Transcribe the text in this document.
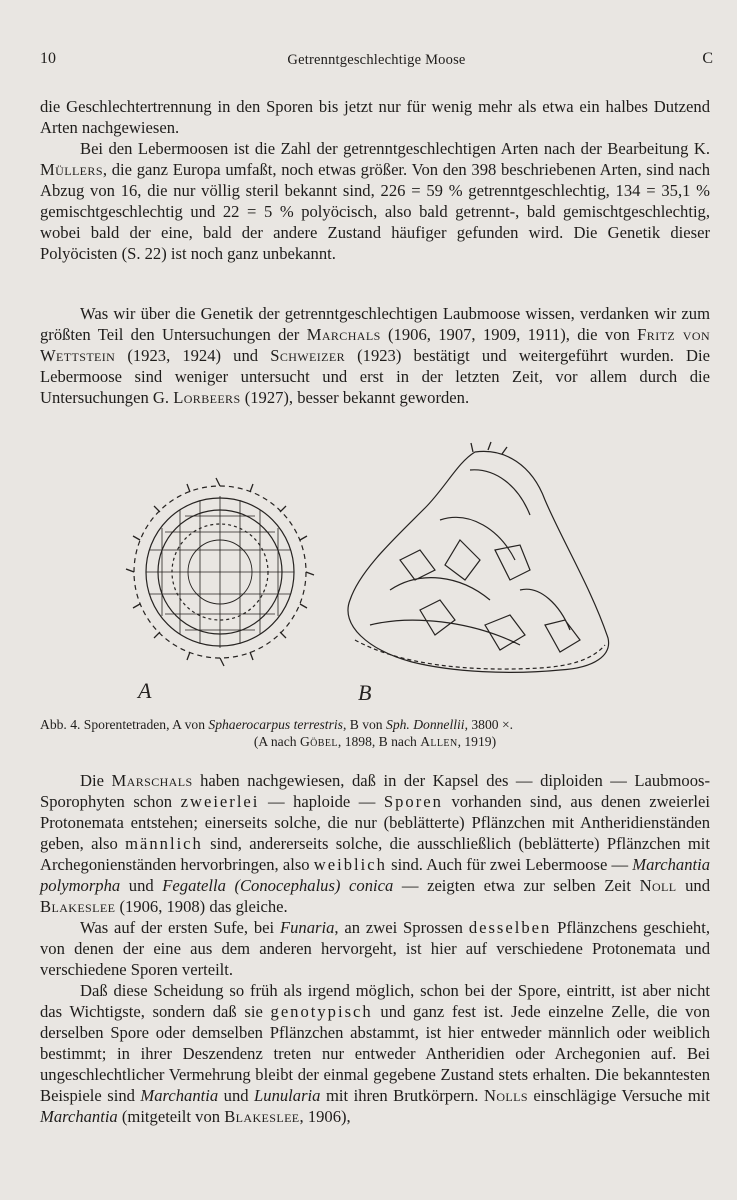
10	Getrenntgeschlechtige Moose	C

die Geschlechtertrennung in den Sporen bis jetzt nur für wenig mehr als etwa ein halbes Dutzend Arten nachgewiesen.

Bei den Lebermoosen ist die Zahl der getrenntgeschlechtigen Arten nach der Bearbeitung K. Müllers, die ganz Europa umfaßt, noch etwas größer. Von den 398 beschriebenen Arten, sind nach Abzug von 16, die nur völlig steril bekannt sind, 226 = 59 % getrenntgeschlechtig, 134 = 35,1 % gemischtgeschlechtig und 22 = 5 % polyöcisch, also bald getrennt-, bald gemischtgeschlechtig, wobei bald der eine, bald der andere Zustand häufiger gefunden wird. Die Genetik dieser Polyöcisten (S. 22) ist noch ganz unbekannt.

Was wir über die Genetik der getrenntgeschlechtigen Laubmoose wissen, verdanken wir zum größten Teil den Untersuchungen der Marchals (1906, 1907, 1909, 1911), die von Fritz von Wettstein (1923, 1924) und Schweizer (1923) bestätigt und weitergeführt wurden. Die Lebermoose sind weniger untersucht und erst in der letzten Zeit, vor allem durch die Untersuchungen G. Lorbeers (1927), besser bekannt geworden.

A	B
Abb. 4. Sporentetraden, A von Sphaerocarpus terrestris, B von Sph. Donnellii, 3800 ×.
(A nach Göbel, 1898, B nach Allen, 1919)

Die Marschals haben nachgewiesen, daß in der Kapsel des — diploiden — Laubmoos-Sporophyten schon zweierlei — haploide — Sporen vorhanden sind, aus denen zweierlei Protonemata entstehen; einerseits solche, die nur (beblätterte) Pflänzchen mit Antheridienständen geben, also männlich sind, andererseits solche, die ausschließlich (beblätterte) Pflänzchen mit Archegonienständen hervorbringen, also weiblich sind. Auch für zwei Lebermoose — Marchantia polymorpha und Fegatella (Conocephalus) conica — zeigten etwa zur selben Zeit Noll und Blakeslee (1906, 1908) das gleiche.

Was auf der ersten Sufe, bei Funaria, an zwei Sprossen desselben Pflänzchens geschieht, von denen der eine aus dem anderen hervorgeht, ist hier auf verschiedene Protonemata und verschiedene Sporen verteilt.

Daß diese Scheidung so früh als irgend möglich, schon bei der Spore, eintritt, ist aber nicht das Wichtigste, sondern daß sie genotypisch und ganz fest ist. Jede einzelne Zelle, die von derselben Spore oder demselben Pflänzchen abstammt, ist hier entweder männlich oder weiblich bestimmt; in ihrer Deszendenz treten nur entweder Antheridien oder Archegonien auf. Bei ungeschlechtlicher Vermehrung bleibt der einmal gegebene Zustand stets erhalten. Die bekanntesten Beispiele sind Marchantia und Lunularia mit ihren Brutkörpern. Nolls einschlägige Versuche mit Marchantia (mitgeteilt von Blakeslee, 1906),
